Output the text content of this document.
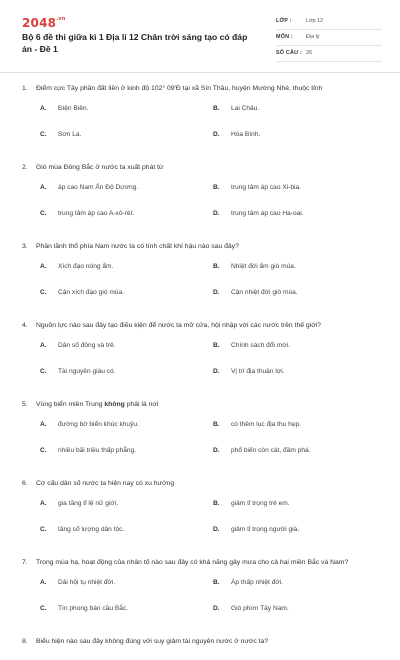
$2048^{.vn}$
Bộ 6 đề thi giữa kì 1 Địa lí 12 Chân trời sáng tạo có đáp án - Đề 1
LỚP :	Lớp 12
MÔN : Địa lý
SỐ CÂU : 26
1. Điểm cực Tây phần đất liền ở kinh độ 102° 09'Đ tại xã Sín Thầu, huyện Mường Nhé, thuộc tỉnh
A. Điện Biên.	B. Lai Châu.
C. Sơn La.	D. Hòa Bình.
2. Gió mùa Đông Bắc ở nước ta xuất phát từ
A. áp cao Nam Ấn Độ Dương.	B. trung tâm áp cao Xi-bia.
C. trung tâm áp cao A-xô-rét.	D. trung tâm áp cao Ha-oai.
3. Phần lãnh thổ phía Nam nước ta có tính chất khí hậu nào sau đây?
A. Xích đạo nóng ẩm.	B. Nhiệt đới ẩm gió mùa.
C. Cận xích đạo gió mùa.	D. Cận nhiệt đới gió mùa.
4. Nguồn lực nào sau đây tạo điều kiện để nước ta mở cửa, hội nhập với các nước trên thế giới?
A. Dân số đông và trẻ.	B. Chính sách đổi mới.
C. Tài nguyên giàu có.	D. Vị trí địa thuận lợi.
5. Vùng biển miền Trung không phải là nơi
A. đường bờ biển khúc khuỷu.	B. có thềm lục địa thu hẹp.
C. nhiều bãi triều thấp phẳng.	D. phổ biến còn cát, đầm phá.
6. Cơ cấu dân số nước ta hiện nay có xu hướng
A. gia tăng tỉ lệ nữ giới.	B. giảm tỉ trọng trẻ em.
C. tăng số lượng dân tộc.	D. giảm tỉ trọng người già.
7. Trong mùa hạ, hoạt động của nhân tố nào sau đây có khả năng gây mưa cho cả hai miền Bắc và Nam?
A. Dải hội tụ nhiệt đới.	B. Áp thấp nhiệt đới.
C. Tín phong bán cầu Bắc.	D. Gió phơn Tây Nam.
8. Biểu hiện nào sau đây không đúng với suy giảm tài nguyên nước ở nước ta?
